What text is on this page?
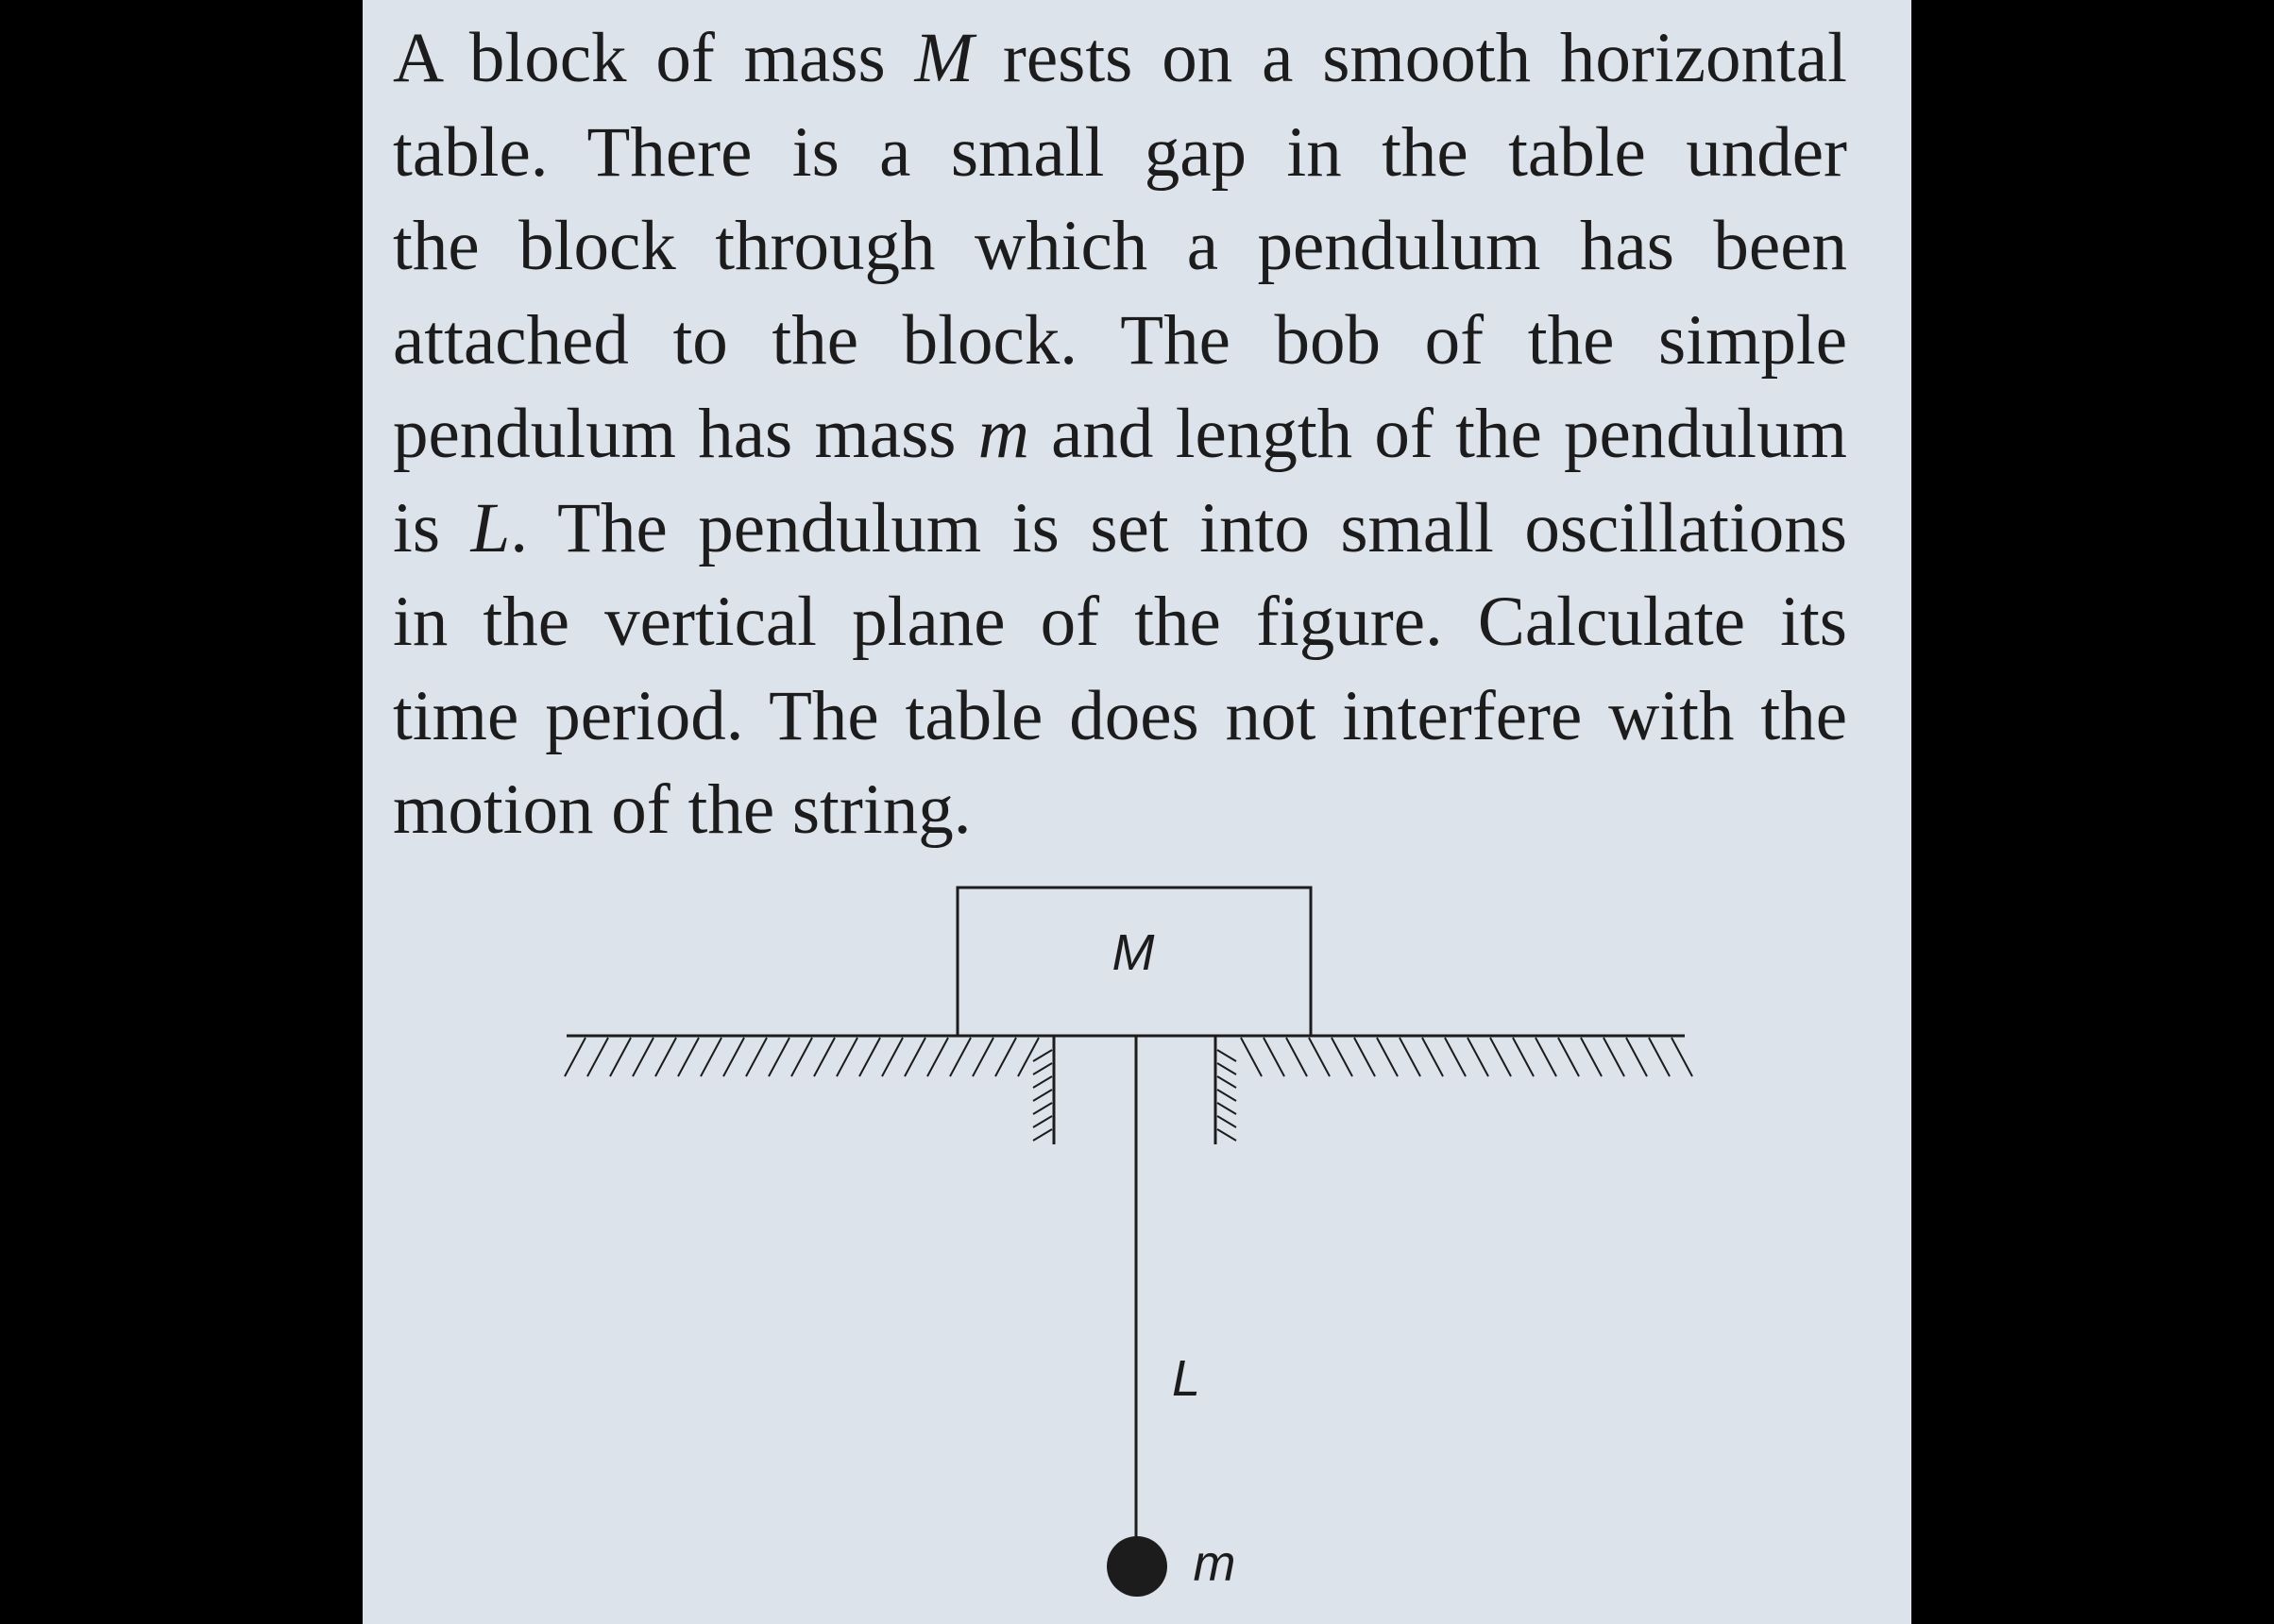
A block of mass M rests on a smooth horizontal
table. There is a small gap in the table under
the block through which a pendulum has been
attached to the block. The bob of the simple
pendulum has mass m and length of the pendulum
is L. The pendulum is set into small oscillations
in the vertical plane of the figure. Calculate its
time period. The table does not interfere with the
motion of the string.

M
L
m
